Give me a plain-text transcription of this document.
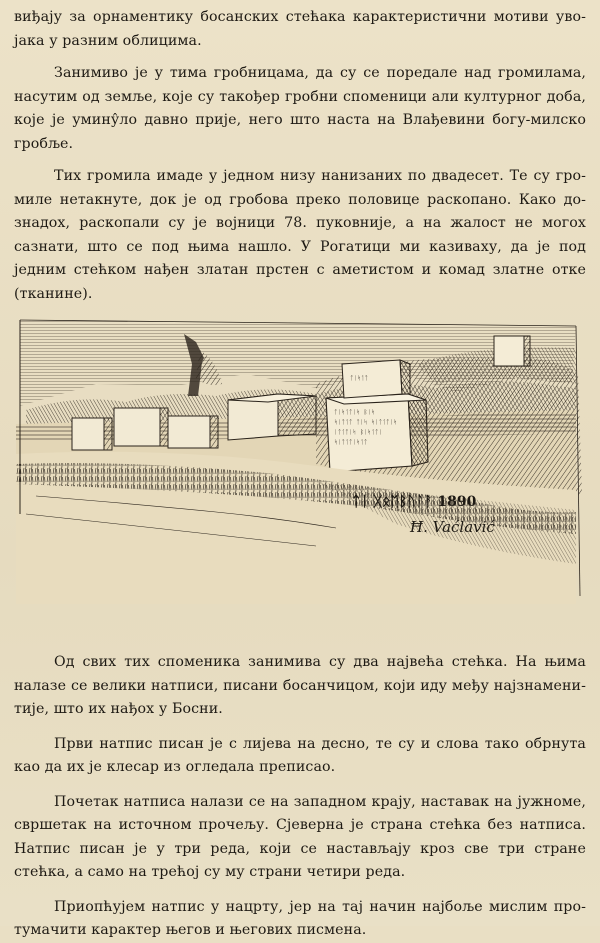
виђају за орнаментику босанских стећака карактеристични мотиви уво-јака у разним облицима.

Занимиво је у тима гробницама, да су се поредале над громилама, насутим од земље, које су такођер гробни споменици али културног доба, које је умину̂ло давно прије, него што наста на Влађевини богу-милско гробље.

Тих громила имаде у једном низу нанизаних по двадесет. Те су гро-миле нетакнуте, док је од гробова преко половице раскопано. Како до-знадох, раскопали су је војници 78. пуковније, а на жалост не могох сазнати, што се под њима нашло. У Рогатици ми казиваху, да је под једним стећком нађен златан прстен с аметистом и комад златне отке (тканине).

ᛏᛁᛋᛐᛏᛁᛋ ᛒᛁᛋ
ᛋᛁᛏᛐᛏ ᛏᛁᛋ ᛋᛁᛏᛐᛏᛁᛋ
ᛁᛏᛐᛏᛁᛋ ᛒᛁᛋᛐᛏᛁ
ᛋᛁᛏᛐᛏᛁᛋᛐᛏ
ᛏᛁᛋᛐᛏ
ᛏᛁ ᚷᛟᛖᛒᚢᛚᚨ 1890
Ħ. Vaćlavić

Од свих тих споменика занимива су два највећа стећка. На њима налазе се велики натписи, писани босанчицом, који иду међу најзнамени-тије, што их нађох у Босни.

Први натпис писан је с лијева на десно, те су и слова тако обрнута као да их је клесар из огледала преписао.

Почетак натписа налази се на западном крају, наставак на јужноме, свршетак на источном прочељу. Сјеверна је страна стећка без натписа. Натпис писан је у три реда, који се настављају кроз све три стране стећка, а само на трећој су му страни четири реда.

Приопћујем натпис у нацрту, јер на тај начин најбоље мислим про-тумачити карактер његов и његових писмена.
